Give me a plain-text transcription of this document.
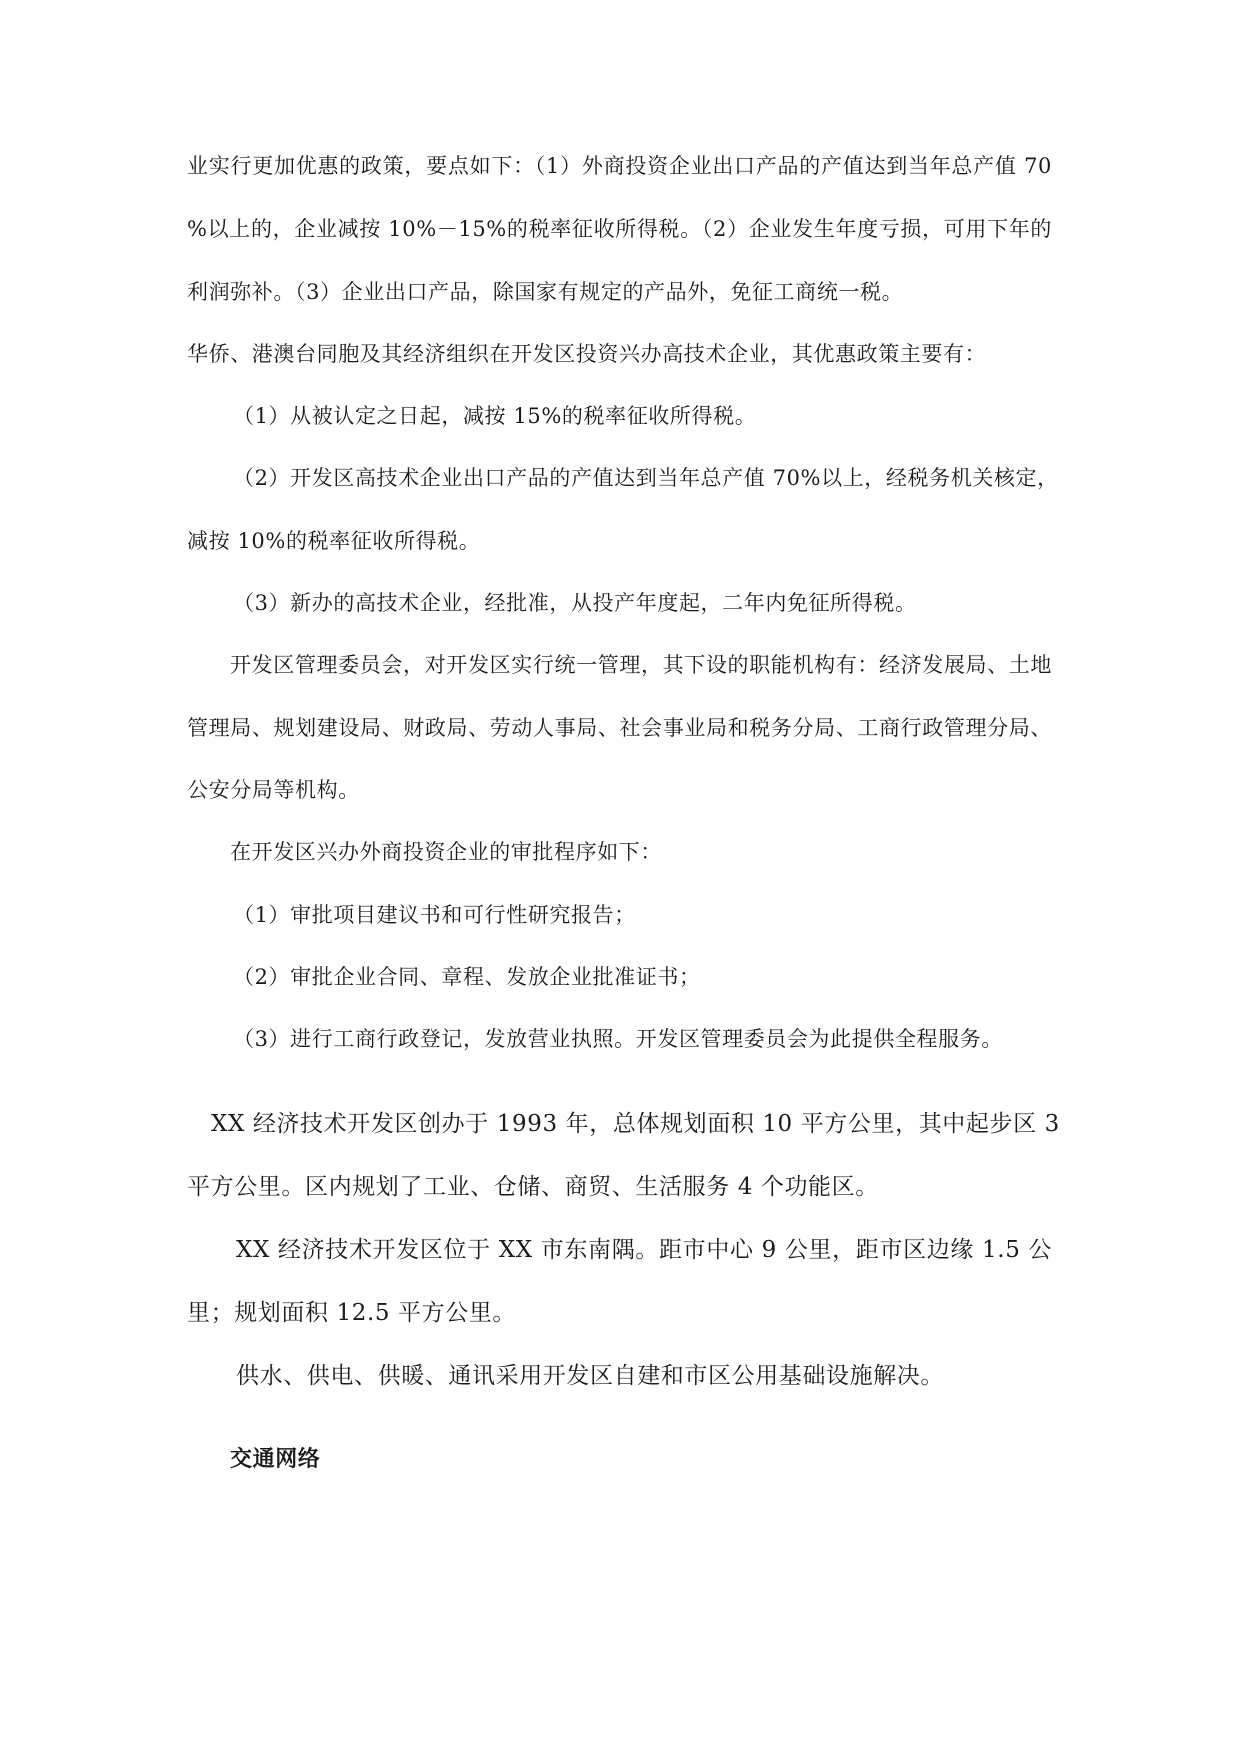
业实行更加优惠的政策，要点如下：（1）外商投资企业出口产品的产值达到当年总产值 70
%以上的，企业减按 10%－15%的税率征收所得税。（2）企业发生年度亏损，可用下年的
利润弥补。（3）企业出口产品，除国家有规定的产品外，免征工商统一税。
华侨、港澳台同胞及其经济组织在开发区投资兴办高技术企业，其优惠政策主要有：
（1）从被认定之日起，减按 15%的税率征收所得税。
（2）开发区高技术企业出口产品的产值达到当年总产值 70%以上，经税务机关核定，
减按 10%的税率征收所得税。
（3）新办的高技术企业，经批准，从投产年度起，二年内免征所得税。
开发区管理委员会，对开发区实行统一管理，其下设的职能机构有：经济发展局、土地
管理局、规划建设局、财政局、劳动人事局、社会事业局和税务分局、工商行政管理分局、
公安分局等机构。
在开发区兴办外商投资企业的审批程序如下：
（1）审批项目建议书和可行性研究报告；
（2）审批企业合同、章程、发放企业批准证书；
（3）进行工商行政登记，发放营业执照。开发区管理委员会为此提供全程服务。
XX 经济技术开发区创办于 1993 年，总体规划面积 10 平方公里，其中起步区 3
平方公里。区内规划了工业、仓储、商贸、生活服务 4 个功能区。
XX 经济技术开发区位于 XX 市东南隅。距市中心 9 公里，距市区边缘 1.5 公
里；规划面积 12.5 平方公里。
供水、供电、供暖、通讯采用开发区自建和市区公用基础设施解决。
交通网络
